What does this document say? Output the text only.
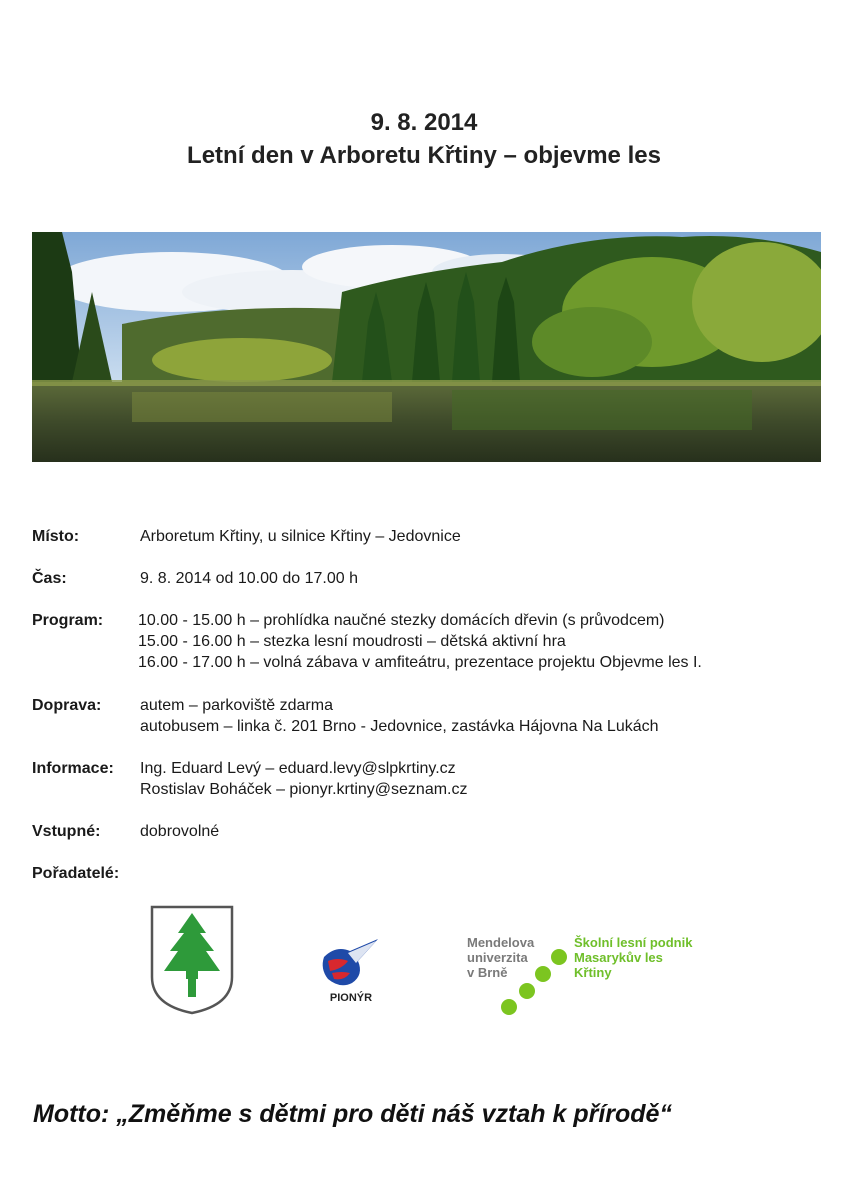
9. 8. 2014
Letní den v Arboretu Křtiny – objevme les
Místo:	Arboretum Křtiny, u silnice Křtiny – Jedovnice
Čas:	9. 8. 2014 od 10.00 do 17.00 h
Program: 10.00 - 15.00 h – prohlídka naučné stezky domácích dřevin (s průvodcem)
15.00 - 16.00 h – stezka lesní moudrosti – dětská aktivní hra
16.00 - 17.00 h – volná zábava v amfiteátru, prezentace projektu Objevme les I.
Doprava: autem – parkoviště zdarma
autobusem – linka č. 201 Brno - Jedovnice, zastávka Hájovna Na Lukách
Informace: Ing. Eduard Levý – eduard.levy@slpkrtiny.cz
Rostislav Boháček – pionyr.krtiny@seznam.cz
Vstupné: dobrovolné
Pořadatelé:
PIONÝR
Mendelova
univerzita
v Brně
Školní lesní podnik
Masarykův les
Křtiny
Motto: „Změňme s dětmi pro děti náš vztah k přírodě“
